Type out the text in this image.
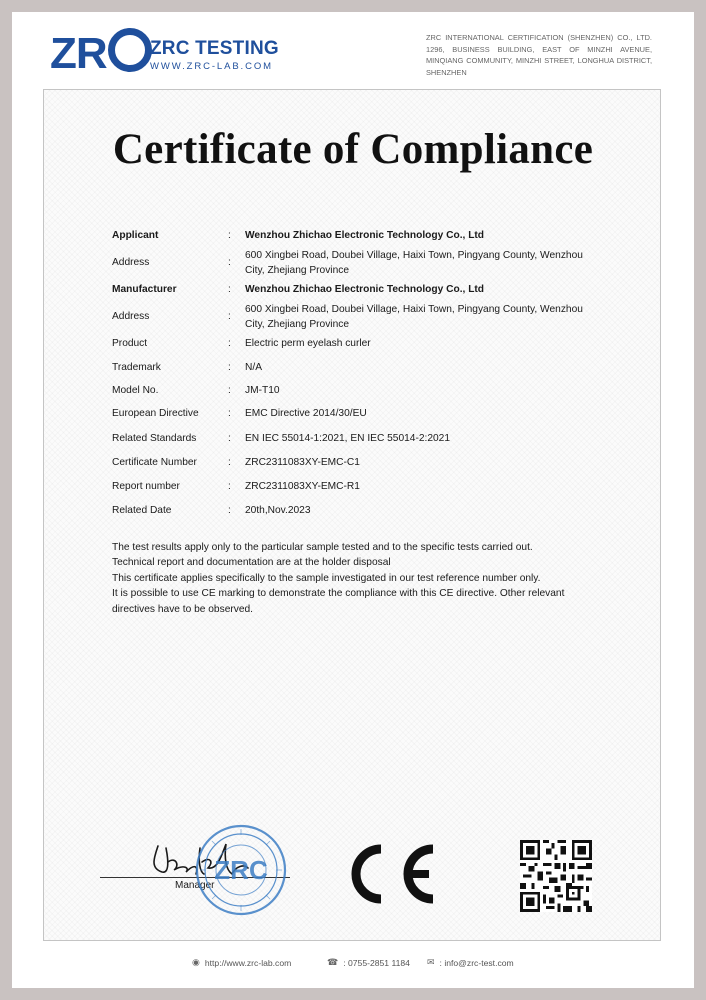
ZR	ZRC TESTING
WWW.ZRC-LAB.COM
ZRC INTERNATIONAL CERTIFICATION (SHENZHEN) CO., LTD. 1296, BUSINESS BUILDING, EAST OF MINZHI AVENUE, MINQIANG COMMUNITY, MINZHI STREET, LONGHUA DISTRICT, SHENZHEN
Certificate of Compliance
Applicant	: Wenzhou Zhichao Electronic Technology Co., Ltd
Address	:
600 Xingbei Road, Doubei Village, Haixi Town, Pingyang County, Wenzhou City, Zhejiang Province
Manufacturer	: Wenzhou Zhichao Electronic Technology Co., Ltd
Address	:
600 Xingbei Road, Doubei Village, Haixi Town, Pingyang County, Wenzhou City, Zhejiang Province
Product	: Electric perm eyelash curler
Trademark	: N/A
Model No.	: JM-T10
European Directive	: EMC Directive 2014/30/EU
Related Standards	: EN IEC 55014-1:2021, EN IEC 55014-2:2021
Certificate Number	: ZRC2311083XY-EMC-C1
Report number	: ZRC2311083XY-EMC-R1
Related Date	: 20th,Nov.2023

The test results apply only to the particular sample tested and to the specific tests carried out.

Technical report and documentation are at the holder disposal

This certificate applies specifically to the sample investigated in our test reference number only.

It is possible to use CE marking to demonstrate the compliance with this CE directive. Other relevant directives have to be observed.

Manager
ZRC
◉ http://www.zrc-lab.com	☎ : 0755-2851 1184 ✉ : info@zrc-test.com
